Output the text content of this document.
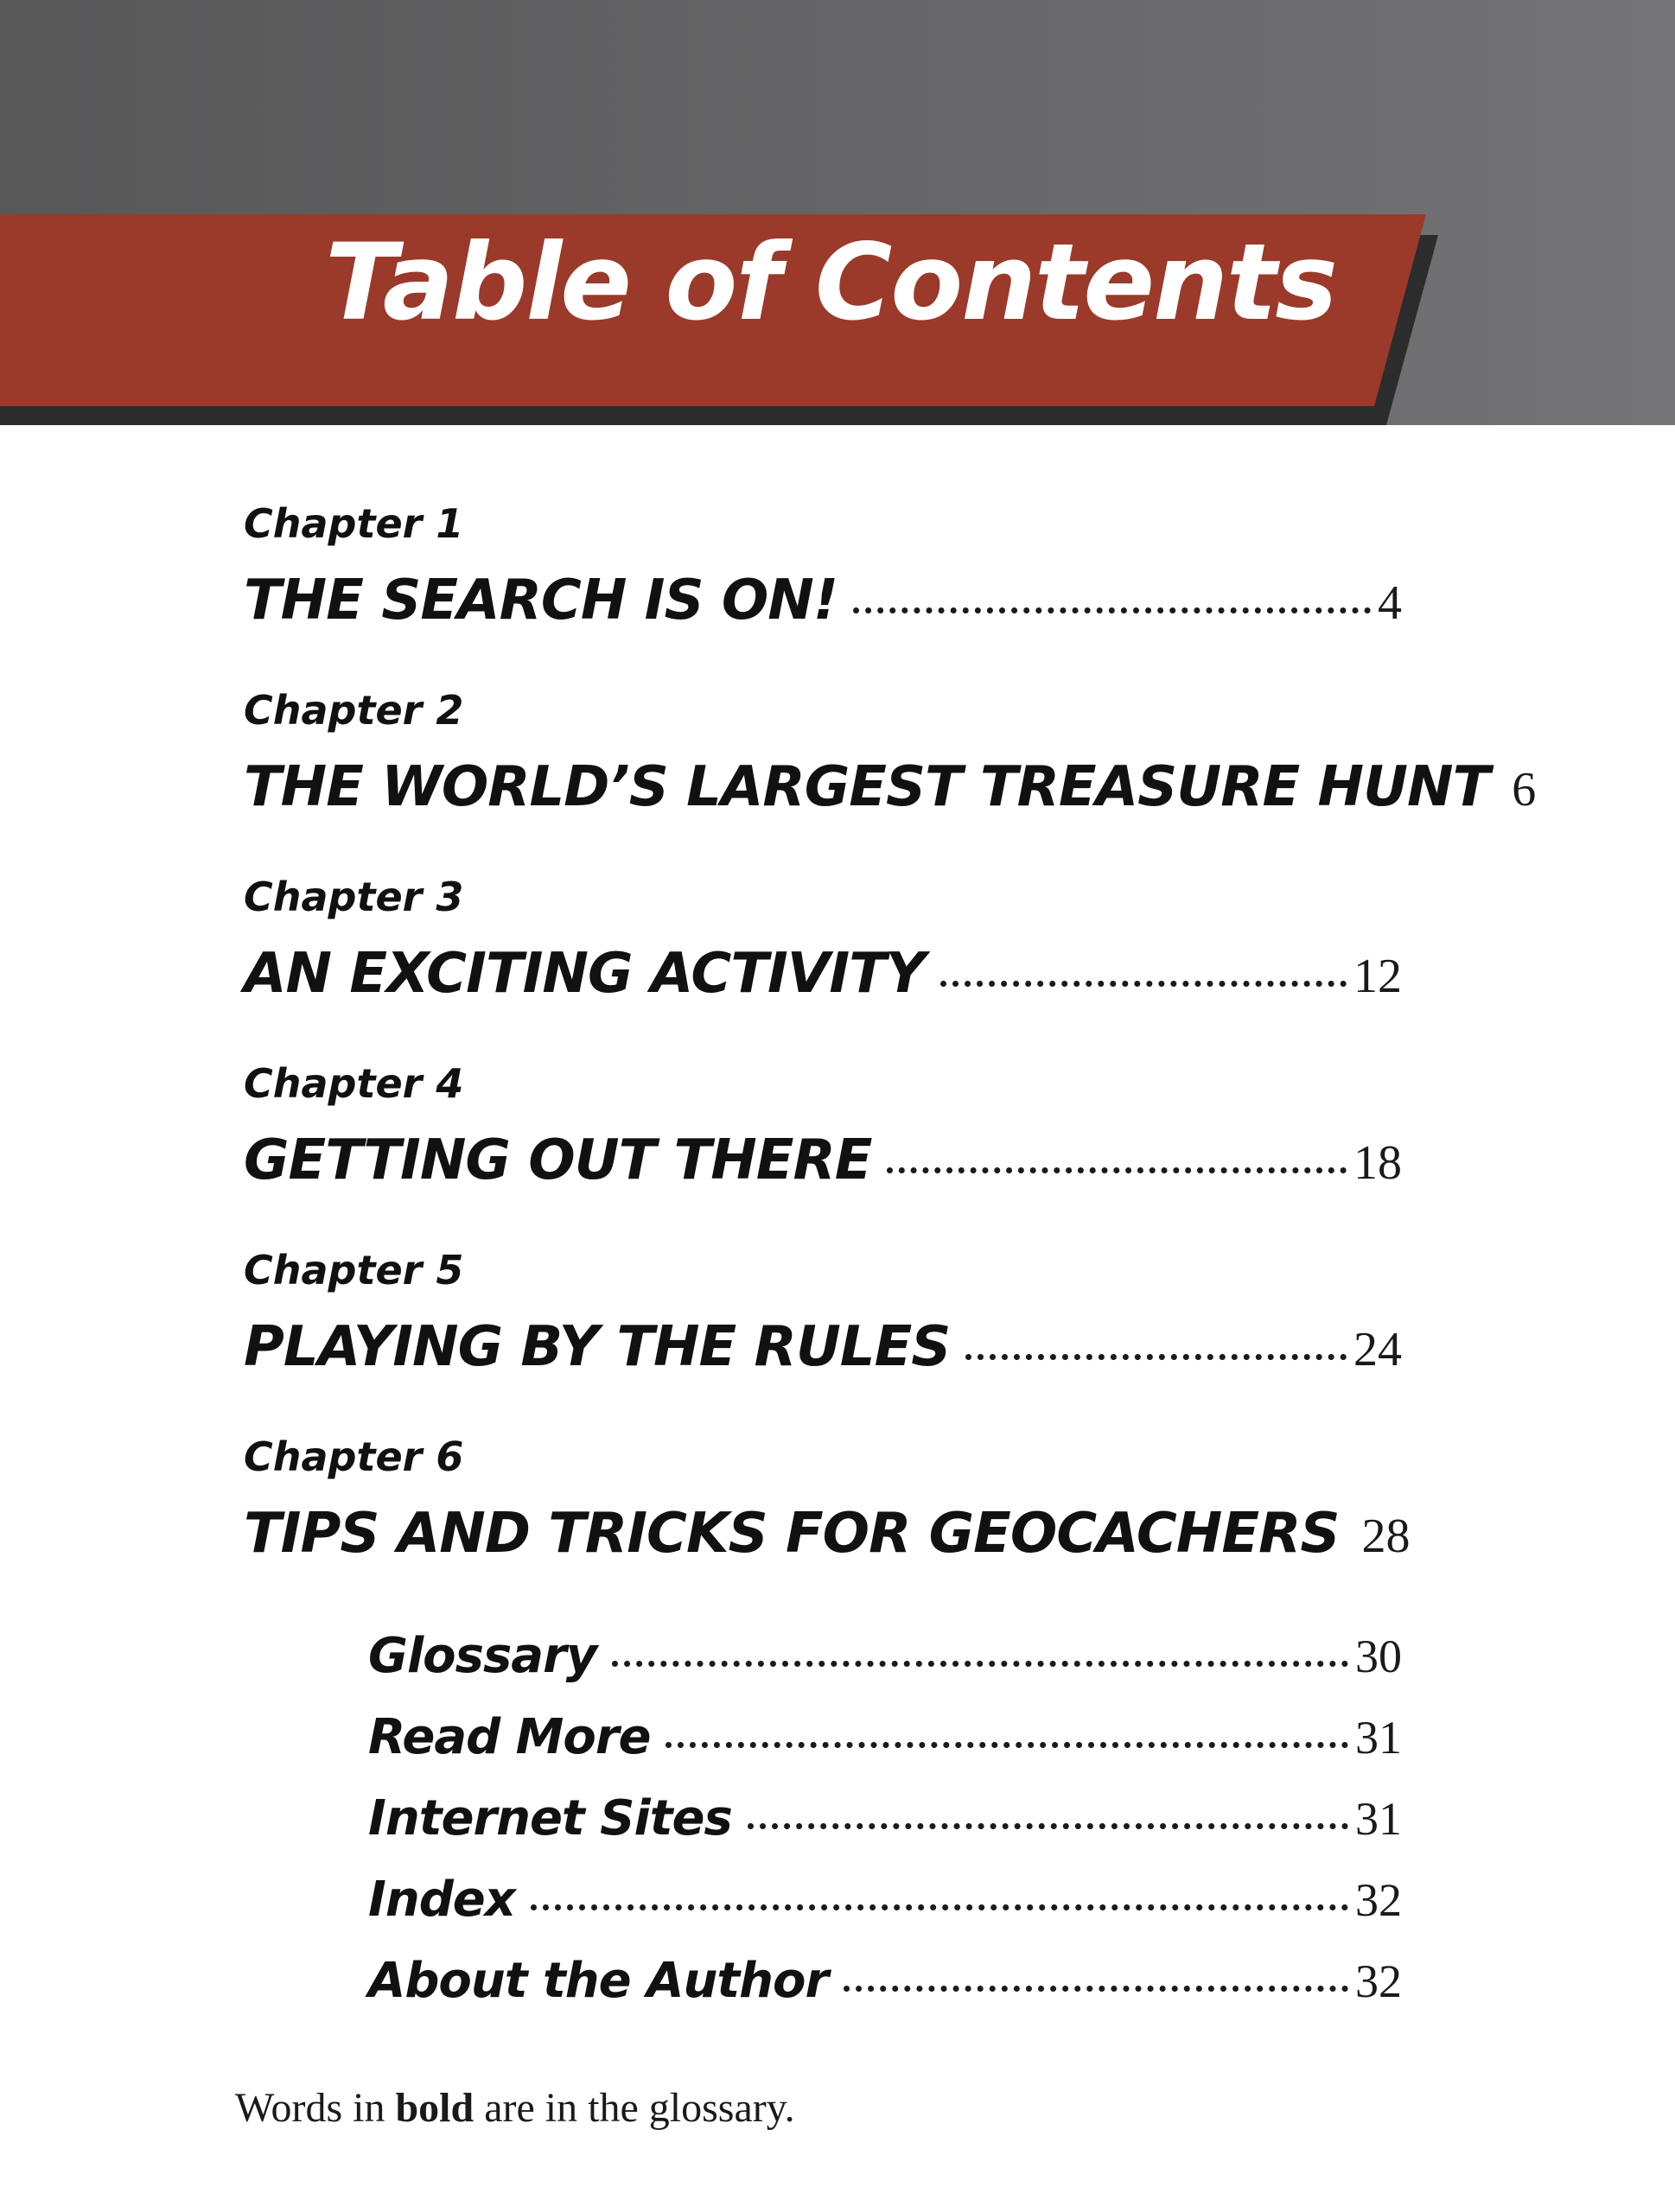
Table of Contents
Chapter 1
THE SEARCH IS ON!	4
Chapter 2
THE WORLD’S LARGEST TREASURE HUNT 6
Chapter 3
AN EXCITING ACTIVITY	12
Chapter 4
GETTING OUT THERE	18
Chapter 5
PLAYING BY THE RULES	24
Chapter 6
TIPS AND TRICKS FOR GEOCACHERS 28
Glossary	30
Read More	31
Internet Sites	31
Index	32
About the Author	32
Words in bold are in the glossary.
